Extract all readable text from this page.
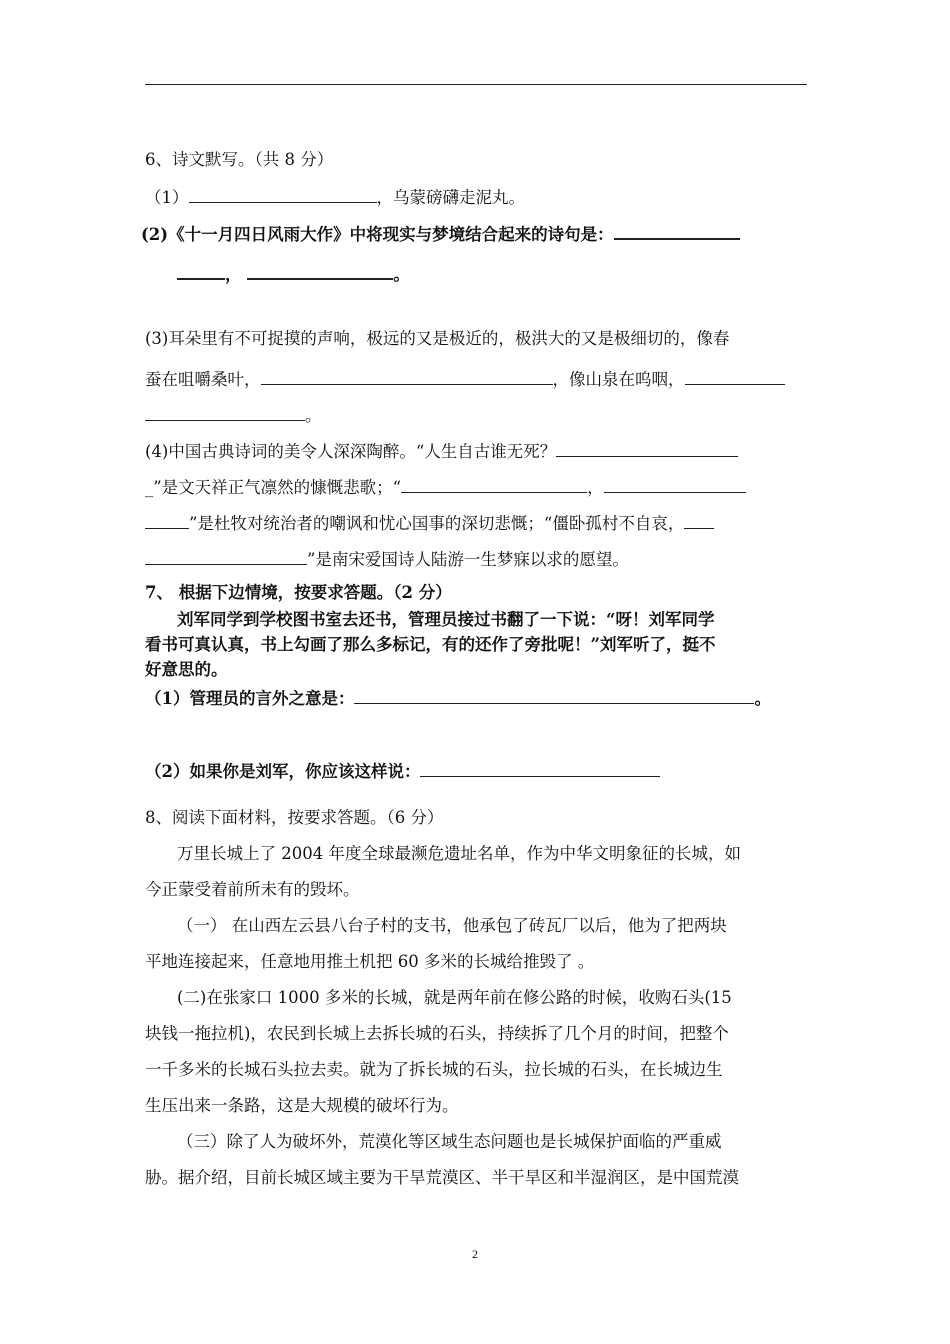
6、诗文默写。（共 8 分）
（1）	，乌蒙磅礴走泥丸。
(2)《十一月四日风雨大作》中将现实与梦境结合起来的诗句是：
，	。
(3)耳朵里有不可捉摸的声响，极远的又是极近的，极洪大的又是极细切的，像春
蚕在咀嚼桑叶，	，像山泉在呜咽，
。
(4)中国古典诗词的美令人深深陶醉。“人生自古谁无死？
_”是文天祥正气凛然的慷慨悲歌；“	，
”是杜牧对统治者的嘲讽和忧心国事的深切悲慨；“僵卧孤村不自哀，
”是南宋爱国诗人陆游一生梦寐以求的愿望。
7、 根据下边情境，按要求答题。（2 分）
刘军同学到学校图书室去还书，管理员接过书翻了一下说：“呀！刘军同学
看书可真认真，书上勾画了那么多标记，有的还作了旁批呢！”刘军听了，挺不
好意思的。
（1）管理员的言外之意是：	。
（2）如果你是刘军，你应该这样说：
8、阅读下面材料，按要求答题。（6 分）
万里长城上了 2004 年度全球最濒危遗址名单，作为中华文明象征的长城，如
今正蒙受着前所未有的毁坏。
（一） 在山西左云县八台子村的支书，他承包了砖瓦厂以后，他为了把两块
平地连接起来，任意地用推土机把 60 多米的长城给推毁了 。
(二)在张家口 1000 多米的长城，就是两年前在修公路的时候，收购石头(15
块钱一拖拉机)，农民到长城上去拆长城的石头，持续拆了几个月的时间，把整个
一千多米的长城石头拉去卖。就为了拆长城的石头，拉长城的石头，在长城边生
生压出来一条路，这是大规模的破坏行为。
（三）除了人为破坏外，荒漠化等区域生态问题也是长城保护面临的严重威
胁。据介绍，目前长城区域主要为干旱荒漠区、半干旱区和半湿润区，是中国荒漠
2
